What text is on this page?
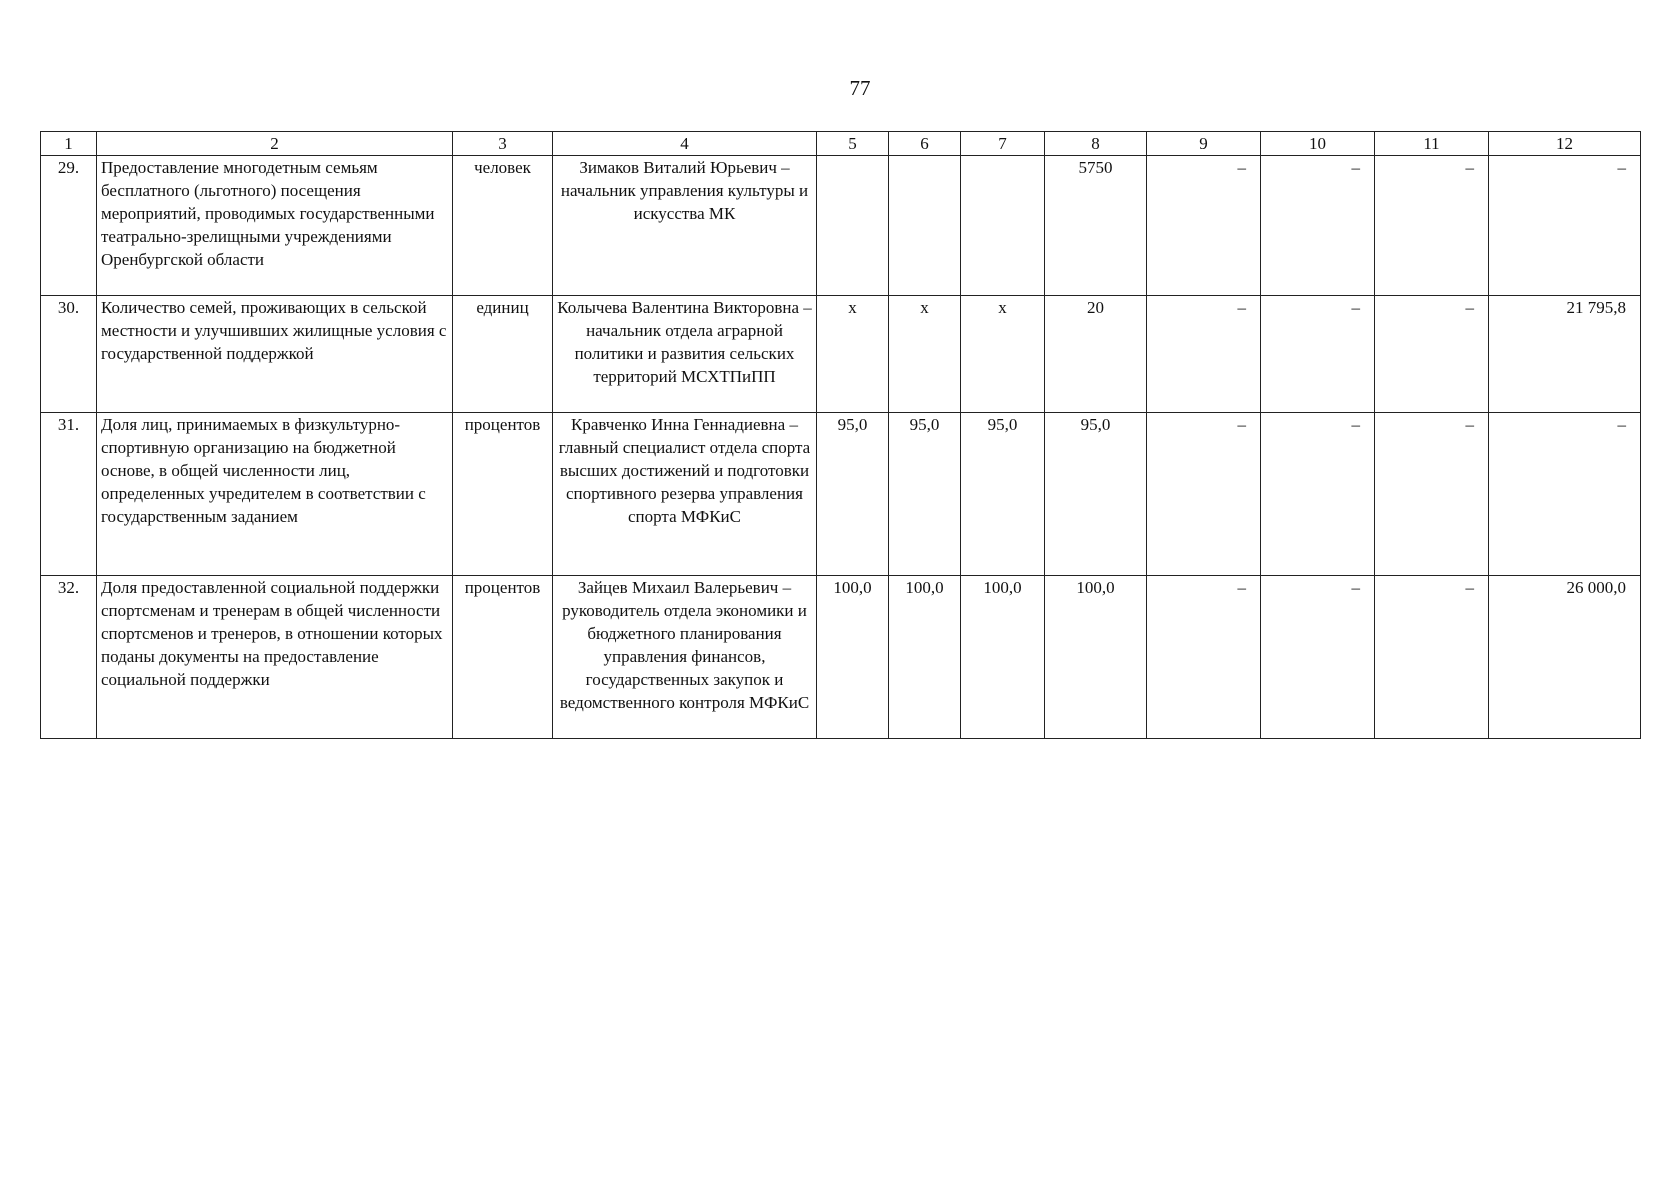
77
1	2	3	4	5	6	7	8	9	10	11	12
29.	Предоставление многодетным семьям бесплатного (льготного) посещения мероприятий, проводимых государственными театрально-зрелищными учреждениями Оренбургской области	человек	Зимаков Виталий Юрьевич – начальник управления культуры и искусства МК				5750	–	–	–	–
30.	Количество семей, проживающих в сельской местности и улучшивших жилищные условия с государственной поддержкой	единиц	Колычева Валентина Викторовна – начальник отдела аграрной политики и развития сельских территорий МСХТПиПП	x	x	x	20	–	–	–	21 795,8
31.	Доля лиц, принимаемых в физкультурно-спортивную организацию на бюджетной основе, в общей численности лиц, определенных учредителем в соответствии с государственным заданием	процентов	Кравченко Инна Геннадиевна – главный специалист отдела спорта высших достижений и подготовки спортивного резерва управления спорта МФКиС	95,0	95,0	95,0	95,0	–	–	–	–
32.	Доля предоставленной социальной поддержки спортсменам и тренерам в общей численности спортсменов и тренеров, в отношении которых поданы документы на предоставление социальной поддержки	процентов	Зайцев Михаил Валерьевич – руководитель отдела экономики и бюджетного планирования управления финансов, государственных закупок и ведомственного контроля МФКиС	100,0	100,0	100,0	100,0	–	–	–	26 000,0
